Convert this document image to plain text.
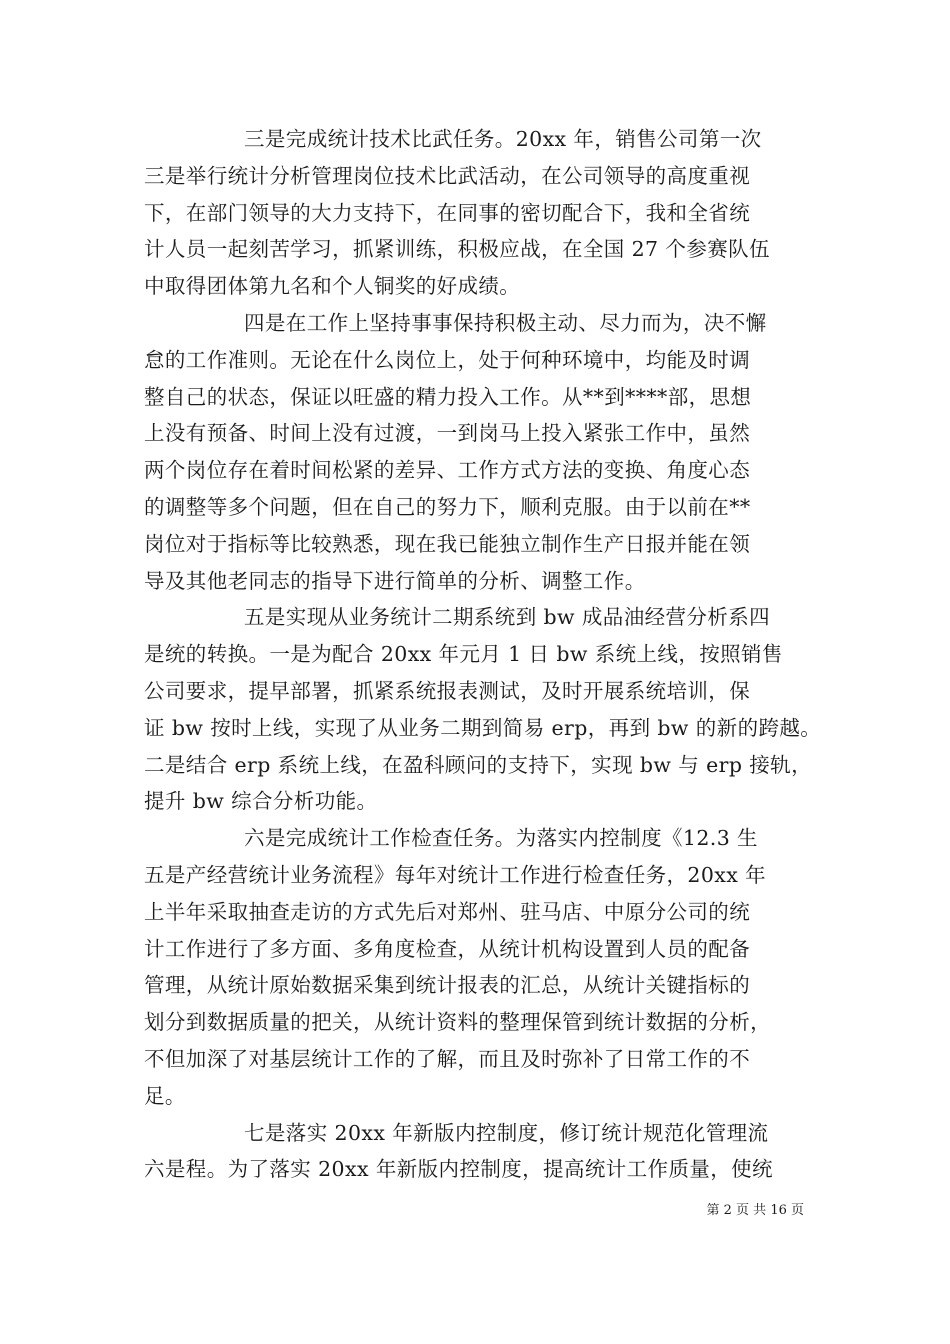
三是完成统计技术比武任务。20xx 年，销售公司第一次
三是举行统计分析管理岗位技术比武活动，在公司领导的高度重视
下，在部门领导的大力支持下，在同事的密切配合下，我和全省统
计人员一起刻苦学习，抓紧训练，积极应战，在全国 27 个参赛队伍
中取得团体第九名和个人铜奖的好成绩。
四是在工作上坚持事事保持积极主动、尽力而为，决不懈
怠的工作准则。无论在什么岗位上，处于何种环境中，均能及时调
整自己的状态，保证以旺盛的精力投入工作。从**到****部，思想
上没有预备、时间上没有过渡，一到岗马上投入紧张工作中，虽然
两个岗位存在着时间松紧的差异、工作方式方法的变换、角度心态
的调整等多个问题，但在自己的努力下，顺利克服。由于以前在**
岗位对于指标等比较熟悉，现在我已能独立制作生产日报并能在领
导及其他老同志的指导下进行简单的分析、调整工作。
五是实现从业务统计二期系统到 bw 成品油经营分析系四
是统的转换。一是为配合 20xx 年元月 1 日 bw 系统上线，按照销售
公司要求，提早部署，抓紧系统报表测试，及时开展系统培训，保
证 bw 按时上线，实现了从业务二期到简易 erp，再到 bw 的新的跨越。
二是结合 erp 系统上线，在盈科顾问的支持下，实现 bw 与 erp 接轨，
提升 bw 综合分析功能。
六是完成统计工作检查任务。为落实内控制度《12.3 生
五是产经营统计业务流程》每年对统计工作进行检查任务，20xx 年
上半年采取抽查走访的方式先后对郑州、驻马店、中原分公司的统
计工作进行了多方面、多角度检查，从统计机构设置到人员的配备
管理，从统计原始数据采集到统计报表的汇总，从统计关键指标的
划分到数据质量的把关，从统计资料的整理保管到统计数据的分析，
不但加深了对基层统计工作的了解，而且及时弥补了日常工作的不
足。
七是落实 20xx 年新版内控制度，修订统计规范化管理流
六是程。为了落实 20xx 年新版内控制度，提高统计工作质量，使统
第 2 页 共 16 页
